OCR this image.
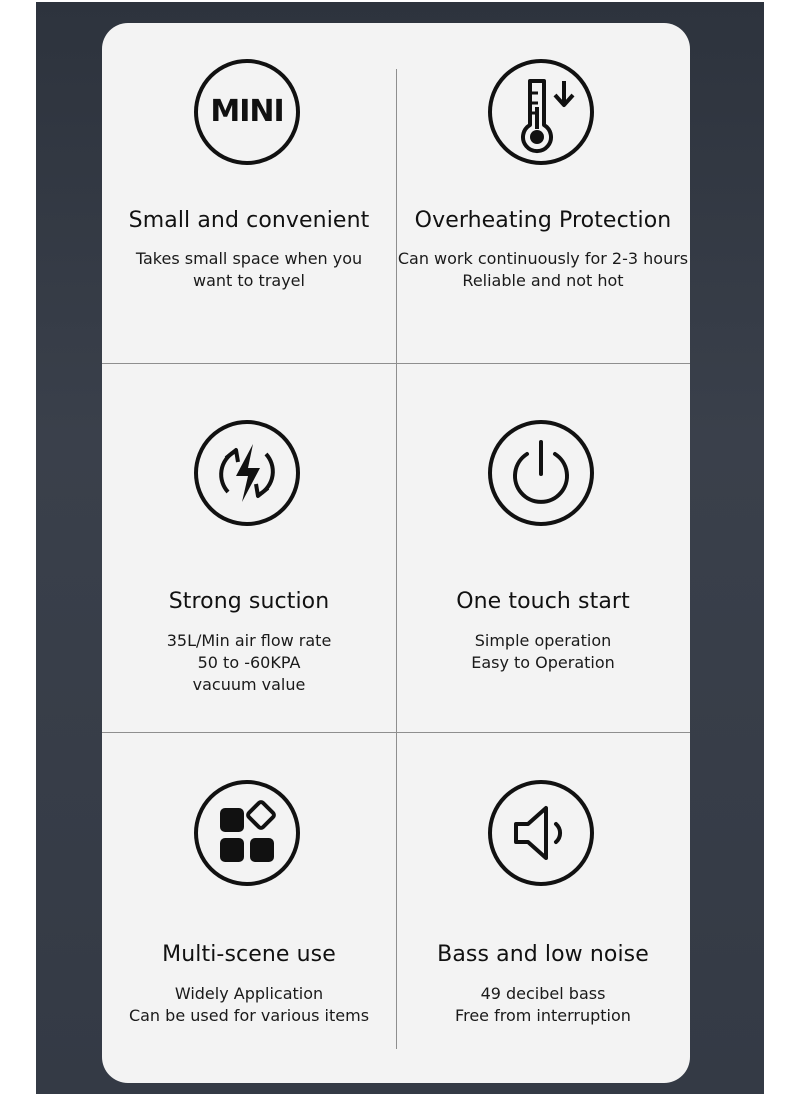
MINI
Small and convenient
Takes small space when you
want to trayel
Overheating Protection
Can work continuously for 2-3 hours
Reliable and not hot
Strong suction
35L/Min air flow rate
50 to -60KPA
vacuum value
One touch start
Simple operation
Easy to Operation
Multi-scene use
Widely Application
Can be used for various items
Bass and low noise
49 decibel bass
Free from interruption
